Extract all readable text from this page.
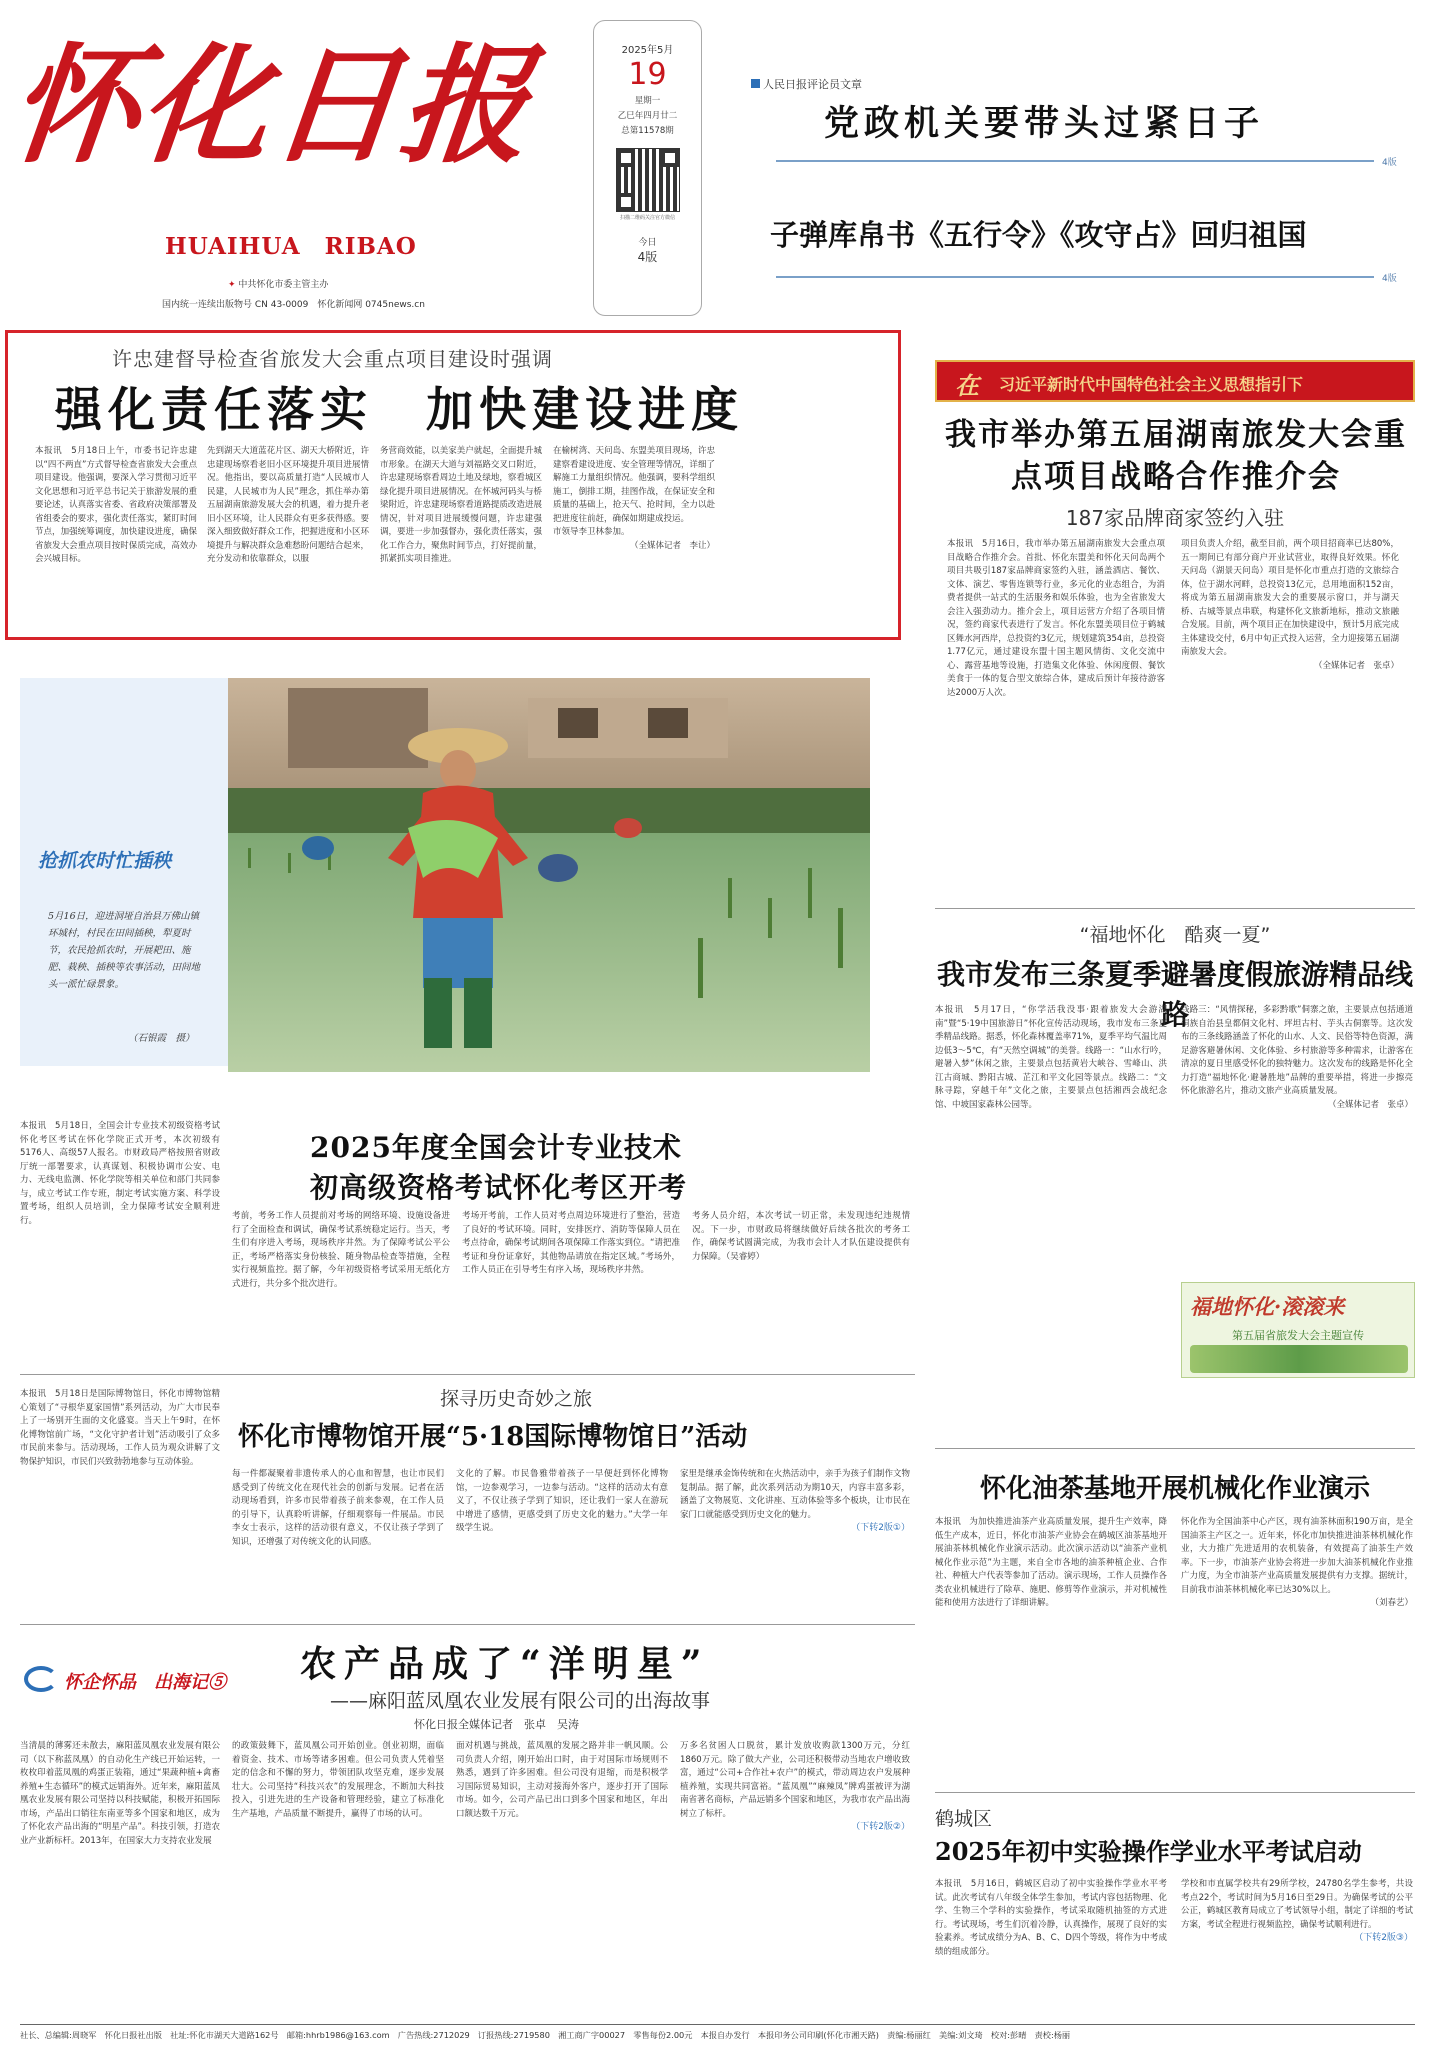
怀化日报
HUAIHUA　RIBAO
✦ 中共怀化市委主管主办
国内统一连续出版物号 CN 43-0009　怀化新闻网 0745news.cn
2025年5月
19
星期一
乙巳年四月廿二
总第11578期
扫描二维码关注官方微信
今日
4版
人民日报评论员文章
党政机关要带头过紧日子
4版
子弹库帛书《五行令》《攻守占》回归祖国
4版
许忠建督导检查省旅发大会重点项目建设时强调
强化责任落实　加快建设进度
本报讯　5月18日上午，市委书记许忠建以“四不两直”方式督导检查省旅发大会重点项目建设。他强调，要深入学习贯彻习近平文化思想和习近平总书记关于旅游发展的重要论述，认真落实省委、省政府决策部署及省组委会的要求，强化责任落实，紧盯时间节点，加强统筹调度，加快建设进度，确保省旅发大会重点项目按时保质完成，高效办会兴城目标。
先到湖天大道蓝花片区、湖天大桥附近，许忠建现场察看老旧小区环境提升项目进展情况。他指出，要以高质量打造“人民城市人民建，人民城市为人民”理念，抓住举办第五届湖南旅游发展大会的机遇，着力提升老旧小区环境，让人民群众有更多获得感。要深入细致做好群众工作，把握进度和小区环境提升与解决群众急难愁盼问题结合起来，充分发动和依靠群众，以服
务营商效能，以美家美户就起，全面提升城市形象。在湖天大道与刘福路交叉口附近，许忠建现场察看周边土地及绿地，察看城区绿化提升项目进展情况。在怀城河码头与桥梁附近，许忠建现场察看道路提质改造进展情况，针对项目进展缓慢问题，许忠建强调，要进一步加强督办，强化责任落实，强化工作合力，聚焦时间节点，打好提前量，抓紧抓实项目推进。
在榆树湾、天问岛、东盟美项目现场，许忠建察看建设进度、安全管理等情况，详细了解施工力量组织情况。他强调，要科学组织施工，倒排工期，挂图作战，在保证安全和质量的基础上，抢天气、抢时间，全力以赴把进度往前赶，确保如期建成投运。
市领导李卫林参加。

（全媒体记者　李让）
抢抓农时忙插秧
5月16日，迎进洞垭自治县万佛山镇环城村，村民在田间插秧，犁夏时节，农民抢抓农时，开展耙田、施肥、栽秧、插秧等农事活动，田间地头一派忙碌景象。
（石银霞　摄）
在 习近平新时代中国特色社会主义思想指引下
我市举办第五届湖南旅发大会重点项目战略合作推介会
187家品牌商家签约入驻
本报讯　5月16日，我市举办第五届湖南旅发大会重点项目战略合作推介会。首批、怀化东盟美和怀化天问岛两个项目共吸引187家品牌商家签约入驻，涵盖酒店、餐饮、文体、演艺、零售连锁等行业，多元化的业态组合，为消费者提供一站式的生活服务和娱乐体验，也为全省旅发大会注入强劲动力。推介会上，项目运营方介绍了各项目情况，签约商家代表进行了发言。怀化东盟美项目位于鹤城区舞水河西岸，总投资约3亿元，规划建筑354亩，总投资1.77亿元，通过建设东盟十国主题风情街、文化交流中心、露营基地等设施，打造集文化体验、休闲度假、餐饮美食于一体的复合型文旅综合体，建成后预计年接待游客达2000万人次。
项目负责人介绍，截至目前，两个项目招商率已达80%，五一期间已有部分商户开业试营业，取得良好效果。怀化天问岛（湖景天问岛）项目是怀化市重点打造的文旅综合体，位于湖水河畔，总投资13亿元，总用地面积152亩，将成为第五届湖南旅发大会的重要展示窗口，并与湖天桥、古城等景点串联，构建怀化文旅新地标，推动文旅融合发展。目前，两个项目正在加快建设中，预计5月底完成主体建设交付，6月中旬正式投入运营，全力迎接第五届湖南旅发大会。

（全媒体记者　张卓）
“福地怀化　酷爽一夏”
我市发布三条夏季避暑度假旅游精品线路
本报讯　5月17日，“你学活我没事·跟着旅发大会游湖南”暨“5·19中国旅游日”怀化宣传活动现场，我市发布三条夏季精品线路。据悉，怀化森林覆盖率71%，夏季平均气温比周边低3～5℃，有“天然空调城”的美誉。线路一：“山水行吟，避暑入梦”休闲之旅，主要景点包括黄岩大峡谷、雪峰山、洪江古商城、黔阳古城、芷江和平文化园等景点。线路二：“文脉寻踪，穿越千年”文化之旅，主要景点包括湘西会战纪念馆、中坡国家森林公园等。
线路三：“风情探秘，多彩黔歌”侗寨之旅，主要景点包括通道侗族自治县皇都侗文化村、坪坦古村、芋头古侗寨等。这次发布的三条线路涵盖了怀化的山水、人文、民俗等特色资源，满足游客避暑休闲、文化体验、乡村旅游等多种需求，让游客在清凉的夏日里感受怀化的独特魅力。这次发布的线路是怀化全力打造“福地怀化·避暑胜地”品牌的重要举措，将进一步擦亮怀化旅游名片，推动文旅产业高质量发展。

（全媒体记者　张卓）
福地怀化·滚滚来
第五届省旅发大会主题宣传
本报讯　5月18日，全国会计专业技术初级资格考试怀化考区考试在怀化学院正式开考，本次初级有5176人、高级57人报名。市财政局严格按照省财政厅统一部署要求，认真谋划、积极协调市公安、电力、无线电监测、怀化学院等相关单位和部门共同参与，成立考试工作专班，制定考试实施方案、科学设置考场，组织人员培训，全力保障考试安全顺利进行。
2025年度全国会计专业技术
初高级资格考试怀化考区开考
考前，考务工作人员提前对考场的网络环境、设施设备进行了全面检查和调试，确保考试系统稳定运行。当天，考生们有序进入考场，现场秩序井然。为了保障考试公平公正，考场严格落实身份核验、随身物品检查等措施，全程实行视频监控。据了解，今年初级资格考试采用无纸化方式进行，共分多个批次进行。
考场开考前，工作人员对考点周边环境进行了整治，营造了良好的考试环境。同时，安排医疗、消防等保障人员在考点待命，确保考试期间各项保障工作落实到位。“请把准考证和身份证拿好，其他物品请放在指定区域。”考场外，工作人员正在引导考生有序入场，现场秩序井然。
考务人员介绍，本次考试一切正常，未发现违纪违规情况。下一步，市财政局将继续做好后续各批次的考务工作，确保考试圆满完成，为我市会计人才队伍建设提供有力保障。（吴睿婷）
本报讯　5月18日是国际博物馆日，怀化市博物馆精心策划了“寻根华夏家国情”系列活动，为广大市民奉上了一场别开生面的文化盛宴。当天上午9时，在怀化博物馆前广场，“文化守护者计划”活动吸引了众多市民前来参与。活动现场，工作人员为观众讲解了文物保护知识，市民们兴致勃勃地参与互动体验。
探寻历史奇妙之旅
怀化市博物馆开展“5·18国际博物馆日”活动
每一件都凝聚着非遗传承人的心血和智慧，也让市民们感受到了传统文化在现代社会的创新与发展。记者在活动现场看到，许多市民带着孩子前来参观，在工作人员的引导下，认真聆听讲解，仔细观察每一件展品。市民李女士表示，这样的活动很有意义，不仅让孩子学到了知识，还增强了对传统文化的认同感。
文化的了解。市民鲁雅带着孩子一早便赶到怀化博物馆，一边参观学习，一边参与活动。“这样的活动太有意义了，不仅让孩子学到了知识，还让我们一家人在游玩中增进了感情，更感受到了历史文化的魅力。”大学一年级学生说。
家里是继承金饰传统和在火热活动中，亲手为孩子们制作文物复制品。据了解，此次系列活动为期10天，内容丰富多彩，涵盖了文物展览、文化讲座、互动体验等多个板块，让市民在家门口就能感受到历史文化的魅力。

（下转2版①）
怀化油茶基地开展机械化作业演示
本报讯　为加快推进油茶产业高质量发展，提升生产效率，降低生产成本，近日，怀化市油茶产业协会在鹤城区油茶基地开展油茶林机械化作业演示活动。此次演示活动以“油茶产业机械化作业示范”为主题，来自全市各地的油茶种植企业、合作社、种植大户代表等参加了活动。演示现场，工作人员操作各类农业机械进行了除草、施肥、修剪等作业演示，并对机械性能和使用方法进行了详细讲解。
怀化作为全国油茶中心产区，现有油茶林面积190万亩，是全国油茶主产区之一。近年来，怀化市加快推进油茶林机械化作业，大力推广先进适用的农机装备，有效提高了油茶生产效率。下一步，市油茶产业协会将进一步加大油茶机械化作业推广力度，为全市油茶产业高质量发展提供有力支撑。据统计，目前我市油茶林机械化率已达30%以上。

（刘春艺）
怀企怀品　出海记⑤ 农产品成了“洋明星”
——麻阳蓝凤凰农业发展有限公司的出海故事
怀化日报全媒体记者　张卓　吴涛
当清晨的薄雾还未散去，麻阳蓝凤凰农业发展有限公司（以下称蓝凤凰）的自动化生产线已开始运转，一枚枚印着蓝凤凰的鸡蛋正装箱，通过“果蔬种植+禽畜养殖+生态循环”的模式远销海外。近年来，麻阳蓝凤凰农业发展有限公司坚持以科技赋能，积极开拓国际市场，产品出口销往东南亚等多个国家和地区，成为了怀化农产品出海的“明星产品”。科技引领，打造农业产业新标杆。2013年，在国家大力支持农业发展
的政策鼓舞下，蓝凤凰公司开始创业。创业初期，面临着资金、技术、市场等诸多困难。但公司负责人凭着坚定的信念和不懈的努力，带领团队攻坚克难，逐步发展壮大。公司坚持“科技兴农”的发展理念，不断加大科技投入，引进先进的生产设备和管理经验，建立了标准化生产基地，产品质量不断提升，赢得了市场的认可。
面对机遇与挑战，蓝凤凰的发展之路并非一帆风顺。公司负责人介绍，刚开始出口时，由于对国际市场规则不熟悉，遇到了许多困难。但公司没有退缩，而是积极学习国际贸易知识，主动对接海外客户，逐步打开了国际市场。如今，公司产品已出口到多个国家和地区，年出口额达数千万元。
万多名贫困人口脱贫，累计发放收购款1300万元，分红1860万元。除了做大产业，公司还积极带动当地农户增收致富，通过“公司+合作社+农户”的模式，带动周边农户发展种植养殖，实现共同富裕。“蓝凤凰”“麻辣凤”牌鸡蛋被评为湖南省著名商标，产品远销多个国家和地区，为我市农产品出海树立了标杆。

（下转2版②） 鹤城区
2025年初中实验操作学业水平考试启动
本报讯　5月16日，鹤城区启动了初中实验操作学业水平考试。此次考试有八年级全体学生参加，考试内容包括物理、化学、生物三个学科的实验操作，考试采取随机抽签的方式进行。考试现场，考生们沉着冷静，认真操作，展现了良好的实验素养。考试成绩分为A、B、C、D四个等级，将作为中考成绩的组成部分。
学校和市直属学校共有29所学校，24780名学生参考，共设考点22个，考试时间为5月16日至29日。为确保考试的公平公正，鹤城区教育局成立了考试领导小组，制定了详细的考试方案，考试全程进行视频监控，确保考试顺利进行。

（下转2版③）
社长、总编辑:周晓军　怀化日报社出版　社址:怀化市湖天大道路162号　邮箱:hhrb1986@163.com　广告热线:2712029　订报热线:2719580　湘工商广字00027　零售每份2.00元　本报自办发行　本报印务公司印刷(怀化市湘天路)　责编:杨丽红　美编:刘文琦　校对:彭晴　责校:杨丽
